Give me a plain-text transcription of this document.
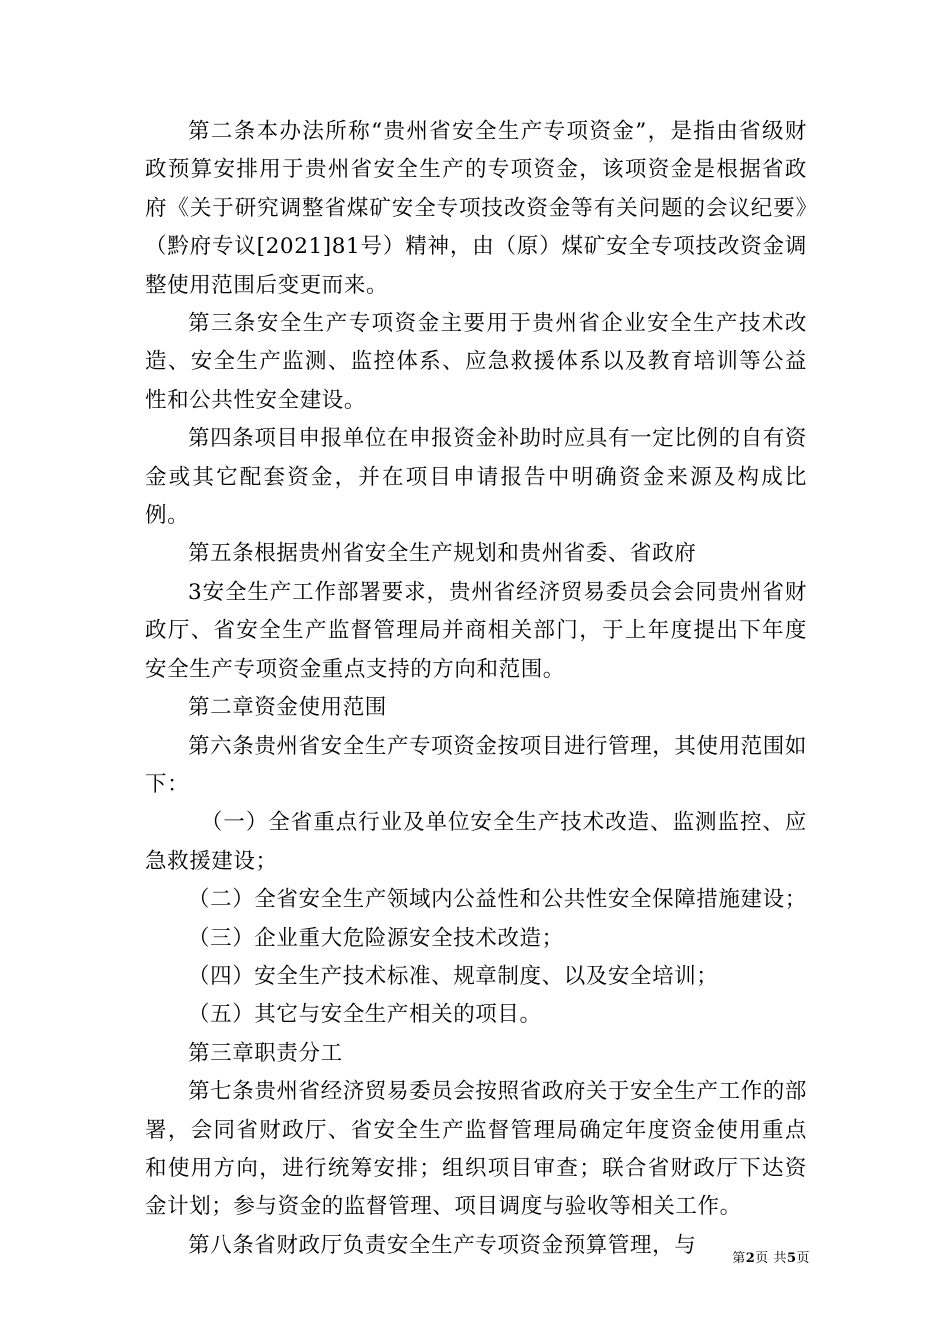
第二条本办法所称“贵州省安全生产专项资金”，是指由省级财政预算安排用于贵州省安全生产的专项资金，该项资金是根据省政府《关于研究调整省煤矿安全专项技改资金等有关问题的会议纪要》（黔府专议[2021]81号）精神，由（原）煤矿安全专项技改资金调整使用范围后变更而来。

第三条安全生产专项资金主要用于贵州省企业安全生产技术改造、安全生产监测、监控体系、应急救援体系以及教育培训等公益性和公共性安全建设。

第四条项目申报单位在申报资金补助时应具有一定比例的自有资金或其它配套资金，并在项目申请报告中明确资金来源及构成比例。

第五条根据贵州省安全生产规划和贵州省委、省政府

3安全生产工作部署要求，贵州省经济贸易委员会会同贵州省财政厅、省安全生产监督管理局并商相关部门，于上年度提出下年度安全生产专项资金重点支持的方向和范围。

第二章资金使用范围

第六条贵州省安全生产专项资金按项目进行管理，其使用范围如下：

（一）全省重点行业及单位安全生产技术改造、监测监控、应急救援建设；

（二）全省安全生产领域内公益性和公共性安全保障措施建设；

（三）企业重大危险源安全技术改造；

（四）安全生产技术标准、规章制度、以及安全培训；

（五）其它与安全生产相关的项目。

第三章职责分工

第七条贵州省经济贸易委员会按照省政府关于安全生产工作的部署，会同省财政厅、省安全生产监督管理局确定年度资金使用重点和使用方向，进行统筹安排；组织项目审查；联合省财政厅下达资金计划；参与资金的监督管理、项目调度与验收等相关工作。

第八条省财政厅负责安全生产专项资金预算管理，与

第2页 共5页
